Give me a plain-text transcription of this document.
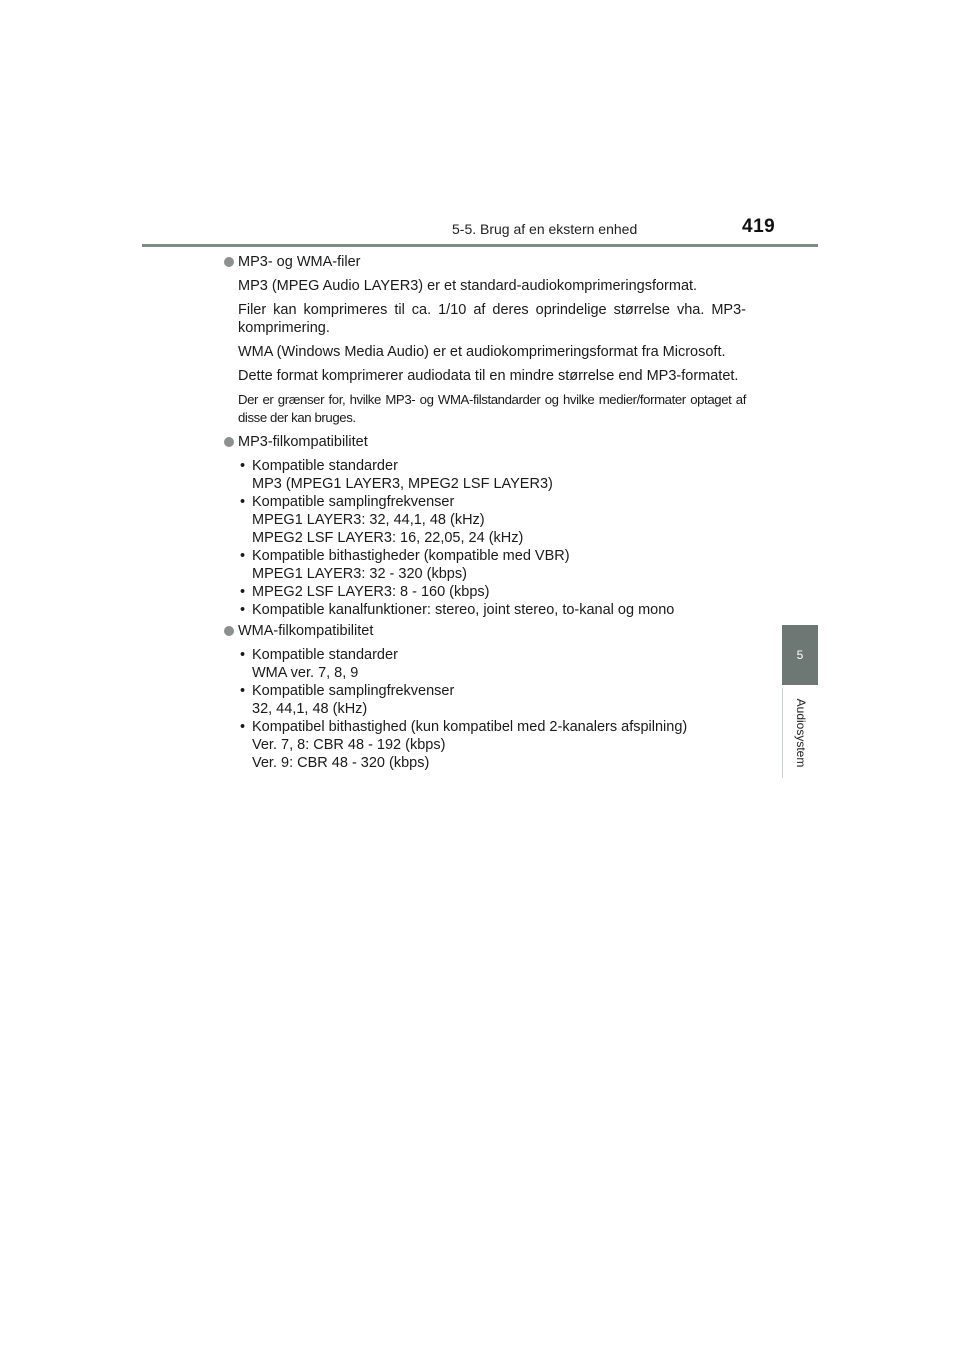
5-5. Brug af en ekstern enhed	419
5
Audiosystem
MP3- og WMA-filer

MP3 (MPEG Audio LAYER3) er et standard-audiokomprimeringsformat.

Filer kan komprimeres til ca. 1/10 af deres oprindelige størrelse vha. MP3-komprimering.

WMA (Windows Media Audio) er et audiokomprimeringsformat fra Microsoft.

Dette format komprimerer audiodata til en mindre størrelse end MP3-formatet.

Der er grænser for, hvilke MP3- og WMA-filstandarder og hvilke medier/formater optaget af disse der kan bruges.

MP3-filkompatibilitet
• Kompatible standarder
MP3 (MPEG1 LAYER3, MPEG2 LSF LAYER3)
• Kompatible samplingfrekvenser
MPEG1 LAYER3: 32, 44,1, 48 (kHz)
MPEG2 LSF LAYER3: 16, 22,05, 24 (kHz)
• Kompatible bithastigheder (kompatible med VBR)
MPEG1 LAYER3: 32 - 320 (kbps)
• MPEG2 LSF LAYER3: 8 - 160 (kbps)
• Kompatible kanalfunktioner: stereo, joint stereo, to-kanal og mono
WMA-filkompatibilitet
• Kompatible standarder
WMA ver. 7, 8, 9
• Kompatible samplingfrekvenser
32, 44,1, 48 (kHz)
• Kompatibel bithastighed (kun kompatibel med 2-kanalers afspilning)
Ver. 7, 8: CBR 48 - 192 (kbps)
Ver. 9: CBR 48 - 320 (kbps)
